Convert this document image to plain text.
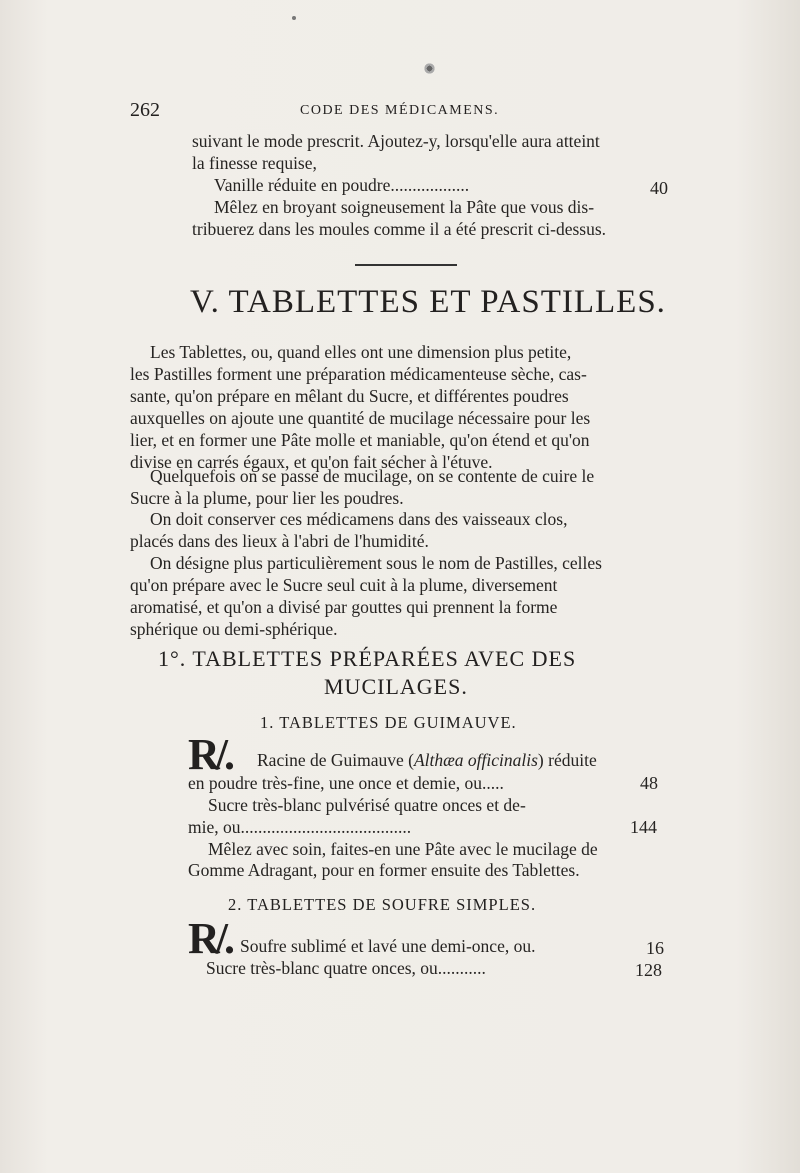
262	CODE DES MÉDICAMENS.
suivant le mode prescrit. Ajoutez-y, lorsqu'elle aura atteint
la finesse requise,
Vanille réduite en poudre..................	40
Mêlez en broyant soigneusement la Pâte que vous dis-
tribuerez dans les moules comme il a été prescrit ci-dessus.
V. TABLETTES ET PASTILLES.
Les Tablettes, ou, quand elles ont une dimension plus petite,
les Pastilles forment une préparation médicamenteuse sèche, cas-
sante, qu'on prépare en mêlant du Sucre, et différentes poudres
auxquelles on ajoute une quantité de mucilage nécessaire pour les
lier, et en former une Pâte molle et maniable, qu'on étend et qu'on
divise en carrés égaux, et qu'on fait sécher à l'étuve.
Quelquefois on se passe de mucilage, on se contente de cuire le
Sucre à la plume, pour lier les poudres.
On doit conserver ces médicamens dans des vaisseaux clos,
placés dans des lieux à l'abri de l'humidité.
On désigne plus particulièrement sous le nom de Pastilles, celles
qu'on prépare avec le Sucre seul cuit à la plume, diversement
aromatisé, et qu'on a divisé par gouttes qui prennent la forme
sphérique ou demi-sphérique.
1°. TABLETTES PRÉPARÉES AVEC DES
MUCILAGES.
1. TABLETTES DE GUIMAUVE.
R/. Racine de Guimauve (Althæa officinalis) réduite
en poudre très-fine, une once et demie, ou.....	48
Sucre très-blanc pulvérisé quatre onces et de-
mie, ou.......................................	144
Mêlez avec soin, faites-en une Pâte avec le mucilage de
Gomme Adragant, pour en former ensuite des Tablettes.
2. TABLETTES DE SOUFRE SIMPLES.
R/. Soufre sublimé et lavé une demi-once, ou.	16
Sucre très-blanc quatre onces, ou...........	128
